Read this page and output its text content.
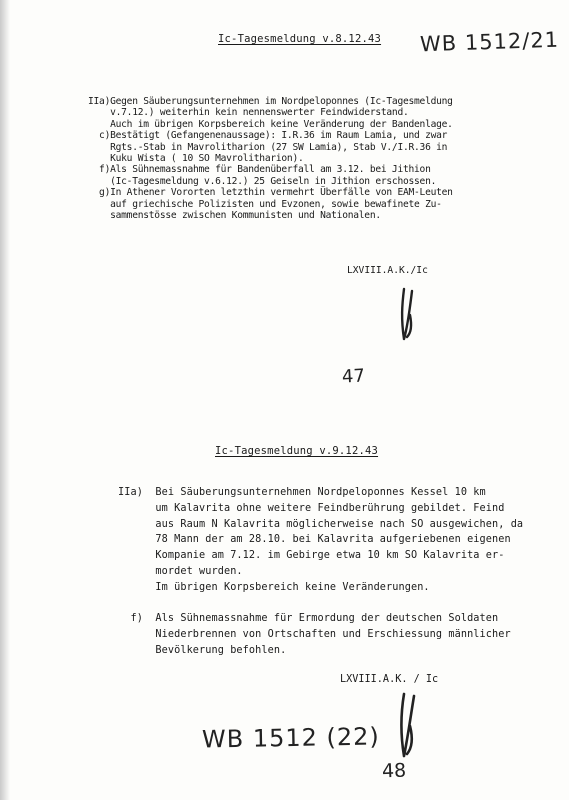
Ic-Tagesmeldung v.8.12.43 WB 1512/21
IIa)Gegen Säuberungsunternehmen im Nordpeloponnes (Ic-Tagesmeldung
v.7.12.) weiterhin kein nennenswerter Feindwiderstand.
Auch im übrigen Korpsbereich keine Veränderung der Bandenlage.
c)Bestätigt (Gefangenenaussage): I.R.36 im Raum Lamia, und zwar
Rgts.-Stab in Mavrolitharion (27 SW Lamia), Stab V./I.R.36 in
Kuku Wista ( 10 SO Mavrolitharion).
f)Als Sühnemassnahme für Bandenüberfall am 3.12. bei Jithion
(Ic-Tagesmeldung v.6.12.) 25 Geiseln in Jithion erschossen.
g)In Athener Vororten letzthin vermehrt Überfälle von EAM-Leuten
auf griechische Polizisten und Evzonen, sowie bewafinete Zu-
sammenstösse zwischen Kommunisten und Nationalen.
LXVIII.A.K./Ic
47
Ic-Tagesmeldung v.9.12.43
IIa)  Bei Säuberungsunternehmen Nordpeloponnes Kessel 10 km
um Kalavrita ohne weitere Feindberührung gebildet. Feind
aus Raum N Kalavrita möglicherweise nach SO ausgewichen, da
78 Mann der am 28.10. bei Kalavrita aufgeriebenen eigenen
Kompanie am 7.12. im Gebirge etwa 10 km SO Kalavrita er-
mordet wurden.
Im übrigen Korpsbereich keine Veränderungen.
f)  Als Sühnemassnahme für Ermordung der deutschen Soldaten
Niederbrennen von Ortschaften und Erschiessung männlicher
Bevölkerung befohlen.
LXVIII.A.K. / Ic
WB 1512 (22)
48
